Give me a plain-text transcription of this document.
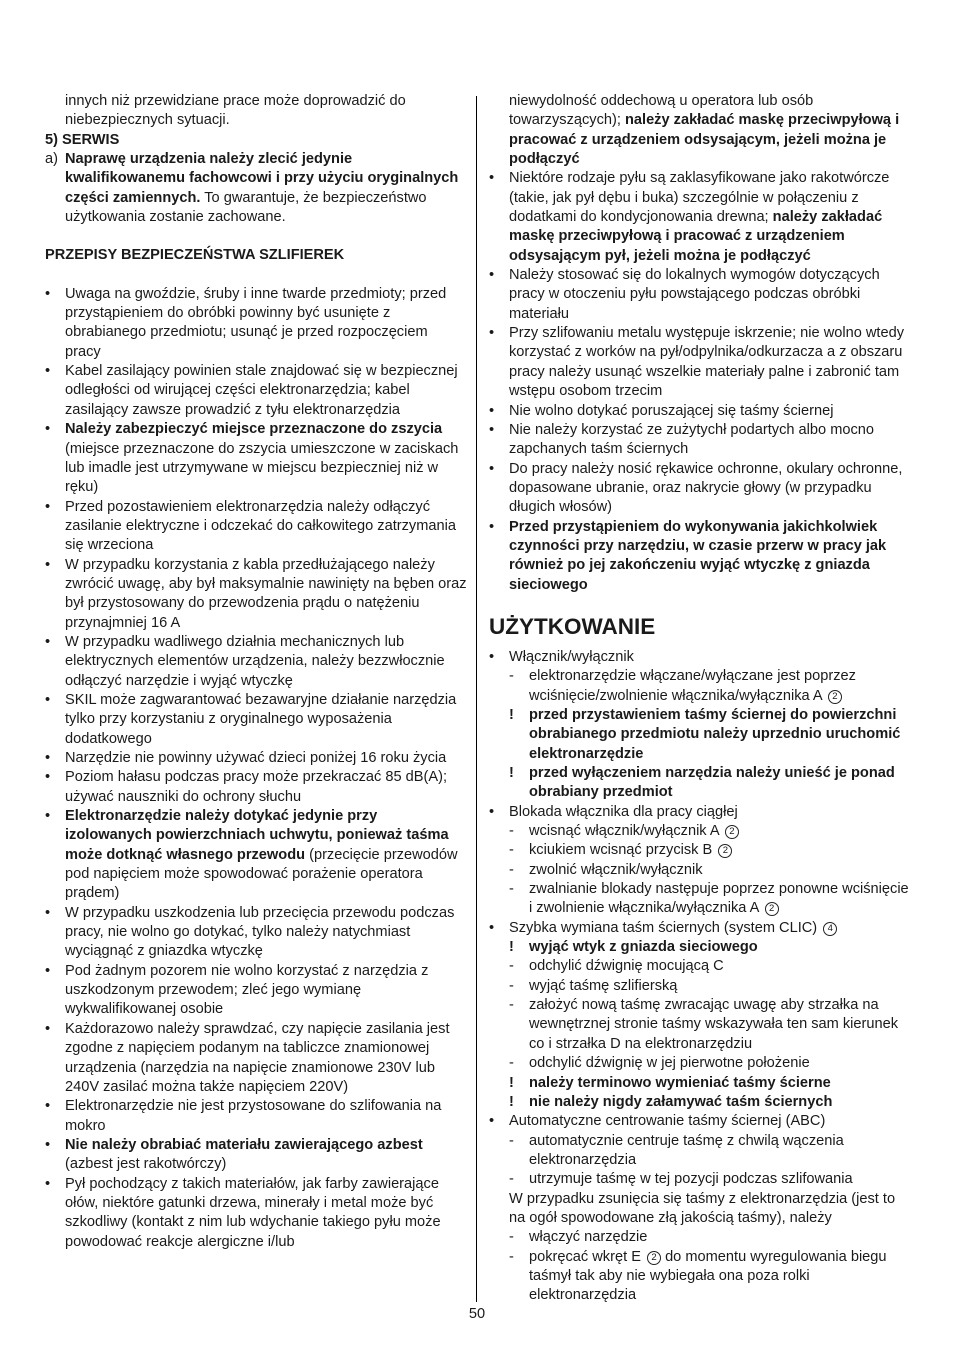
innych niż przewidziane prace może doprowadzić do
niebezpiecznych sytuacji.
5) SERWIS
a) Naprawę urządzenia należy zlecić jedynie kwalifikowanemu fachowcowi i przy użyciu oryginalnych części zamiennych. To gwarantuje, że bezpieczeństwo użytkowania zostanie zachowane.
PRZEPISY BEZPIECZEŃSTWA SZLIFIEREK
• Uwaga na gwoździe, śruby i inne twarde przedmioty; przed przystąpieniem do obróbki powinny być usunięte z obrabianego przedmiotu; usunąć je przed rozpoczęciem pracy
• Kabel zasilający powinien stale znajdować się w bezpiecznej odległości od wirującej części elektronarzędzia; kabel zasilający zawsze prowadzić z tyłu elektronarzędzia
• Należy zabezpieczyć miejsce przeznaczone do zszycia (miejsce przeznaczone do zszycia umieszczone w zaciskach lub imadle jest utrzymywane w miejscu bezpieczniej niż w ręku)
• Przed pozostawieniem elektronarzędzia należy odłączyć zasilanie elektryczne i odczekać do całkowitego zatrzymania się wrzeciona
• W przypadku korzystania z kabla przedłużającego należy zwrócić uwagę, aby był maksymalnie nawinięty na bęben oraz był przystosowany do przewodzenia prądu o natężeniu przynajmniej 16 A
• W przypadku wadliwego działnia mechanicznych lub elektrycznych elementów urządzenia, należy bezzwłocznie odłączyć narzędzie i wyjąć wtyczkę
• SKIL może zagwarantować bezawaryjne działanie narzędzia tylko przy korzystaniu z oryginalnego wyposażenia dodatkowego
• Narzędzie nie powinny używać dzieci poniżej 16 roku życia
• Poziom hałasu podczas pracy może przekraczać 85 dB(A); używać nauszniki do ochrony słuchu
• Elektronarzędzie należy dotykać jedynie przy izolowanych powierzchniach uchwytu, ponieważ taśma może dotknąć własnego przewodu (przecięcie przewodów pod napięciem może spowodować porażenie operatora prądem)
• W przypadku uszkodzenia lub przecięcia przewodu podczas pracy, nie wolno go dotykać, tylko należy natychmiast wyciągnąć z gniazdka wtyczkę
• Pod żadnym pozorem nie wolno korzystać z narzędzia z uszkodzonym przewodem; zleć jego wymianę wykwalifikowanej osobie
• Każdorazowo należy sprawdzać, czy napięcie zasilania jest zgodne z napięciem podanym na tabliczce znamionowej urządzenia (narzędzia na napięcie znamionowe 230V lub 240V zasilać można także napięciem 220V)
• Elektronarzędzie nie jest przystosowane do szlifowania na mokro
• Nie należy obrabiać materiału zawierającego azbest (azbest jest rakotwórczy)
• Pył pochodzący z takich materiałów, jak farby zawierające ołów, niektóre gatunki drzewa, minerały i metal może być szkodliwy (kontakt z nim lub wdychanie takiego pyłu może powodować reakcje alergiczne i/lub
niewydolność oddechową u operatora lub osób towarzyszących); należy zakładać maskę przeciwpyłową i pracować z urządzeniem odsysającym, jeżeli można je podłączyć
• Niektóre rodzaje pyłu są zaklasyfikowane jako rakotwórcze (takie, jak pył dębu i buka) szczególnie w połączeniu z dodatkami do kondycjonowania drewna; należy zakładać maskę przeciwpyłową i pracować z urządzeniem odsysającym pył, jeżeli można je podłączyć
• Należy stosować się do lokalnych wymogów dotyczących pracy w otoczeniu pyłu powstającego podczas obróbki materiału
• Przy szlifowaniu metalu występuje iskrzenie; nie wolno wtedy korzystać z worków na pył/odpylnika/odkurzacza a z obszaru pracy należy usunąć wszelkie materiały palne i zabronić tam wstępu osobom trzecim
• Nie wolno dotykać poruszającej się taśmy ściernej
• Nie należy korzystać ze zużytychł podartych albo mocno zapchanych taśm ściernych
• Do pracy należy nosić rękawice ochronne, okulary ochronne, dopasowane ubranie, oraz nakrycie głowy (w przypadku długich włosów)
• Przed przystąpieniem do wykonywania jakichkolwiek czynności przy narzędziu, w czasie przerw w pracy jak również po jej zakończeniu wyjąć wtyczkę z gniazda sieciowego
UŻYTKOWANIE
• Włącznik/wyłącznik
- elektronarzędzie włączane/wyłączane jest poprzez wciśnięcie/zwolnienie włącznika/wyłącznika A 2
! przed przystawieniem taśmy ściernej do powierzchni obrabianego przedmiotu należy uprzednio uruchomić elektronarzędzie
! przed wyłączeniem narzędzia należy unieść je ponad obrabiany przedmiot
• Blokada włącznika dla pracy ciągłej
- wcisnąć włącznik/wyłącznik A 2
- kciukiem wcisnąć przycisk B 2
- zwolnić włącznik/wyłącznik
- zwalnianie blokady następuje poprzez ponowne wciśnięcie i zwolnienie włącznika/wyłącznika A 2
• Szybka wymiana taśm ściernych (system CLIC) 4
! wyjąć wtyk z gniazda sieciowego
- odchylić dźwignię mocującą C
- wyjąć taśmę szlifierską
- założyć nową taśmę zwracając uwagę aby strzałka na wewnętrznej stronie taśmy wskazywała ten sam kierunek co i strzałka D na elektronarzędziu
- odchylić dźwignię w jej pierwotne położenie
! należy terminowo wymieniać taśmy ścierne
! nie należy nigdy załamywać taśm ściernych
• Automatyczne centrowanie taśmy ściernej (ABC)
- automatycznie centruje taśmę z chwilą wączenia elektronarzędzia
- utrzymuje taśmę w tej pozycji podczas szlifowania
W przypadku zsunięcia się taśmy z elektronarzędzia (jest to na ogół spowodowane złą jakością taśmy), należy
- włączyć narzędzie
- pokręcać wkręt E 2 do momentu wyregulowania biegu taśmył tak aby nie wybiegała ona poza rolki elektronarzędzia
50
